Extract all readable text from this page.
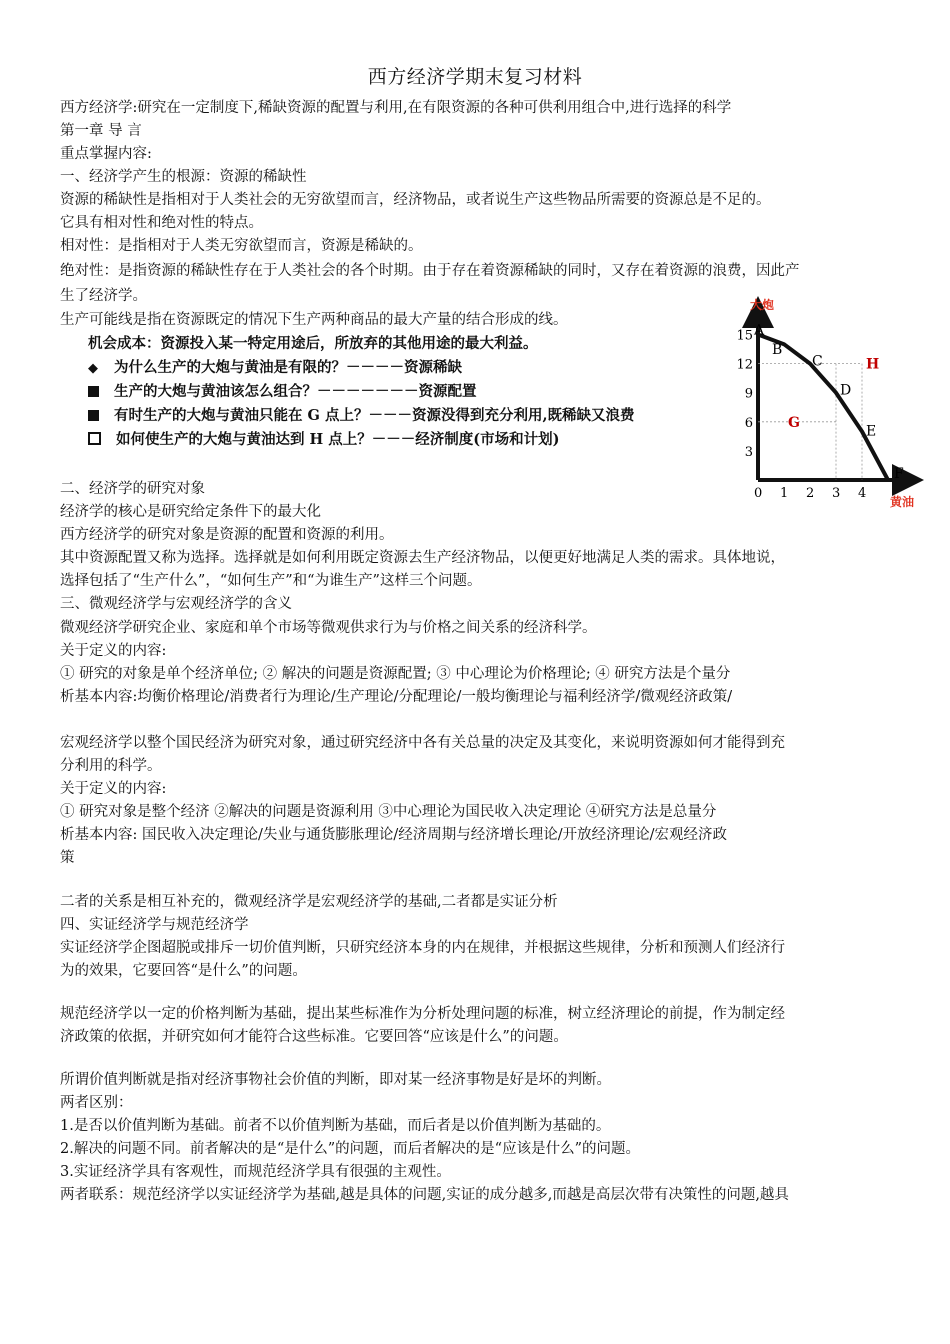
西方经济学期末复习材料
西方经济学:研究在一定制度下,稀缺资源的配置与利用,在有限资源的各种可供利用组合中,进行选择的科学
第一章 导 言
重点掌握内容:
一、经济学产生的根源：资源的稀缺性
资源的稀缺性是指相对于人类社会的无穷欲望而言，经济物品，或者说生产这些物品所需要的资源总是不足的。
它具有相对性和绝对性的特点。
相对性：是指相对于人类无穷欲望而言，资源是稀缺的。
绝对性：是指资源的稀缺性存在于人类社会的各个时期。由于存在着资源稀缺的同时，又存在着资源的浪费，因此产
生了经济学。
生产可能线是指在资源既定的情况下生产两种商品的最大产量的结合形成的线。
机会成本：资源投入某一特定用途后，所放弃的其他用途的最大利益。
◆ 为什么生产的大炮与黄油是有限的？－－－－资源稀缺
生产的大炮与黄油该怎么组合？－－－－－－－资源配置
有时生产的大炮与黄油只能在 G 点上？－－－资源没得到充分利用,既稀缺又浪费
如何使生产的大炮与黄油达到 H 点上？－－－经济制度(市场和计划)
大炮
黄油
15
12
9
6
3
0 1 2 3 4
A
B
C
D
E
F
G
H
二、经济学的研究对象
经济学的核心是研究给定条件下的最大化
西方经济学的研究对象是资源的配置和资源的利用。
其中资源配置又称为选择。选择就是如何利用既定资源去生产经济物品，以便更好地满足人类的需求。具体地说，
选择包括了“生产什么”，“如何生产”和“为谁生产”这样三个问题。
三、微观经济学与宏观经济学的含义
微观经济学研究企业、家庭和单个市场等微观供求行为与价格之间关系的经济科学。
关于定义的内容:
① 研究的对象是单个经济单位; ② 解决的问题是资源配置; ③ 中心理论为价格理论; ④ 研究方法是个量分
析基本内容:均衡价格理论/消费者行为理论/生产理论/分配理论/一般均衡理论与福利经济学/微观经济政策/
宏观经济学以整个国民经济为研究对象，通过研究经济中各有关总量的决定及其变化，来说明资源如何才能得到充
分利用的科学。
关于定义的内容:
① 研究对象是整个经济 ②解决的问题是资源利用 ③中心理论为国民收入决定理论 ④研究方法是总量分
析基本内容: 国民收入决定理论/失业与通货膨胀理论/经济周期与经济增长理论/开放经济理论/宏观经济政
策
二者的关系是相互补充的，微观经济学是宏观经济学的基础,二者都是实证分析
四、实证经济学与规范经济学
实证经济学企图超脱或排斥一切价值判断，只研究经济本身的内在规律，并根据这些规律，分析和预测人们经济行
为的效果，它要回答“是什么”的问题。
规范经济学以一定的价格判断为基础，提出某些标准作为分析处理问题的标准，树立经济理论的前提，作为制定经
济政策的依据，并研究如何才能符合这些标准。它要回答“应该是什么”的问题。
所谓价值判断就是指对经济事物社会价值的判断，即对某一经济事物是好是坏的判断。
两者区别：
1.是否以价值判断为基础。前者不以价值判断为基础，而后者是以价值判断为基础的。
2.解决的问题不同。前者解决的是“是什么”的问题，而后者解决的是“应该是什么”的问题。
3.实证经济学具有客观性，而规范经济学具有很强的主观性。
两者联系：规范经济学以实证经济学为基础,越是具体的问题,实证的成分越多,而越是高层次带有决策性的问题,越具
